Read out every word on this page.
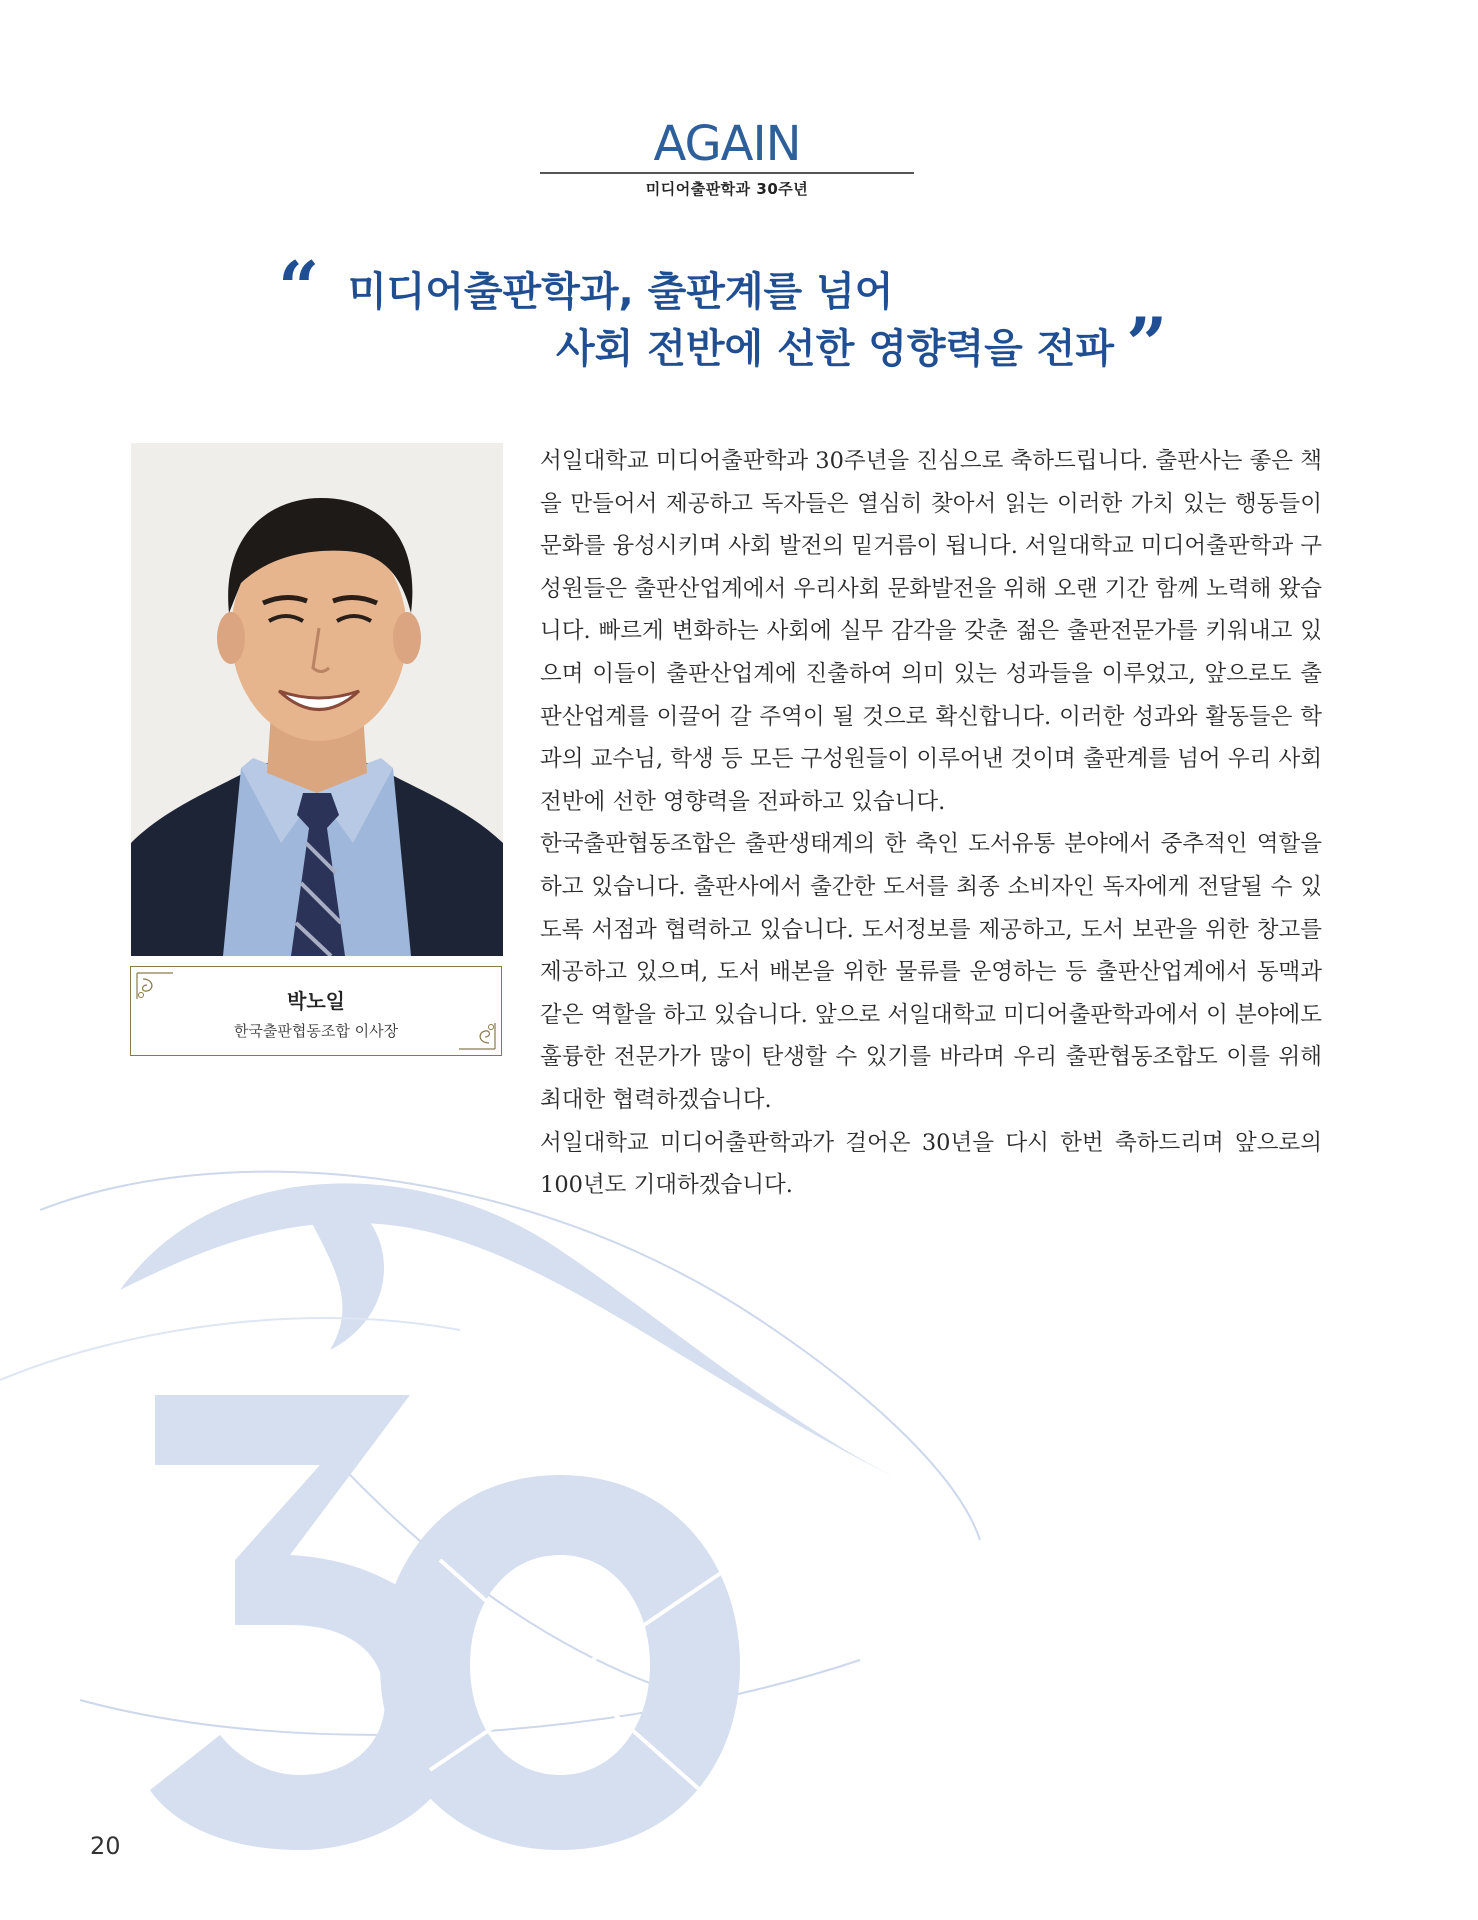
AGAIN
미디어출판학과 30주년
“ 미디어출판학과, 출판계를 넘어
사회 전반에 선한 영향력을 전파 ”
박노일
한국출판협동조합 이사장

서일대학교 미디어출판학과 30주년을 진심으로 축하드립니다. 출판사는 좋은 책을 만들어서 제공하고 독자들은 열심히 찾아서 읽는 이러한 가치 있는 행동들이 문화를 융성시키며 사회 발전의 밑거름이 됩니다. 서일대학교 미디어출판학과 구성원들은 출판산업계에서 우리사회 문화발전을 위해 오랜 기간 함께 노력해 왔습니다. 빠르게 변화하는 사회에 실무 감각을 갖춘 젊은 출판전문가를 키워내고 있으며 이들이 출판산업계에 진출하여 의미 있는 성과들을 이루었고, 앞으로도 출판산업계를 이끌어 갈 주역이 될 것으로 확신합니다. 이러한 성과와 활동들은 학과의 교수님, 학생 등 모든 구성원들이 이루어낸 것이며 출판계를 넘어 우리 사회 전반에 선한 영향력을 전파하고 있습니다.

한국출판협동조합은 출판생태계의 한 축인 도서유통 분야에서 중추적인 역할을 하고 있습니다. 출판사에서 출간한 도서를 최종 소비자인 독자에게 전달될 수 있도록 서점과 협력하고 있습니다. 도서정보를 제공하고, 도서 보관을 위한 창고를 제공하고 있으며, 도서 배본을 위한 물류를 운영하는 등 출판산업계에서 동맥과 같은 역할을 하고 있습니다. 앞으로 서일대학교 미디어출판학과에서 이 분야에도 훌륭한 전문가가 많이 탄생할 수 있기를 바라며 우리 출판협동조합도 이를 위해 최대한 협력하겠습니다.

서일대학교 미디어출판학과가 걸어온 30년을 다시 한번 축하드리며 앞으로의 100년도 기대하겠습니다.

20
